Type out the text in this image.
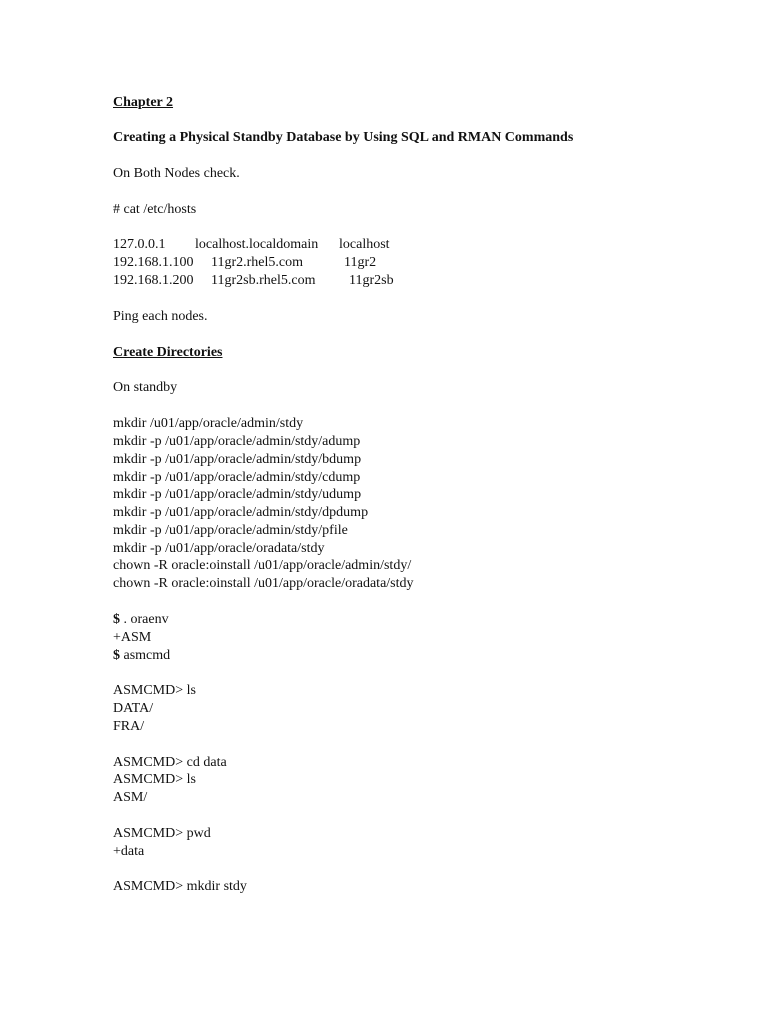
Chapter 2
Creating a Physical Standby Database by Using SQL and RMAN Commands
On Both Nodes check.
# cat /etc/hosts

127.0.0.1

localhost.localdomain

localhost

192.168.1.100

11gr2.rhel5.com

	11gr2

192.168.1.200

11gr2sb.rhel5.com

11gr2sb

Ping each nodes.
Create Directories
On standby
mkdir /u01/app/oracle/admin/stdy
mkdir -p /u01/app/oracle/admin/stdy/adump
mkdir -p /u01/app/oracle/admin/stdy/bdump
mkdir -p /u01/app/oracle/admin/stdy/cdump
mkdir -p /u01/app/oracle/admin/stdy/udump
mkdir -p /u01/app/oracle/admin/stdy/dpdump
mkdir -p /u01/app/oracle/admin/stdy/pfile
mkdir -p /u01/app/oracle/oradata/stdy
chown -R oracle:oinstall /u01/app/oracle/admin/stdy/
chown -R oracle:oinstall /u01/app/oracle/oradata/stdy
$ . oraenv
+ASM
$ asmcmd
ASMCMD> ls
DATA/
FRA/
ASMCMD> cd data
ASMCMD> ls
ASM/
ASMCMD> pwd
+data
ASMCMD> mkdir stdy
